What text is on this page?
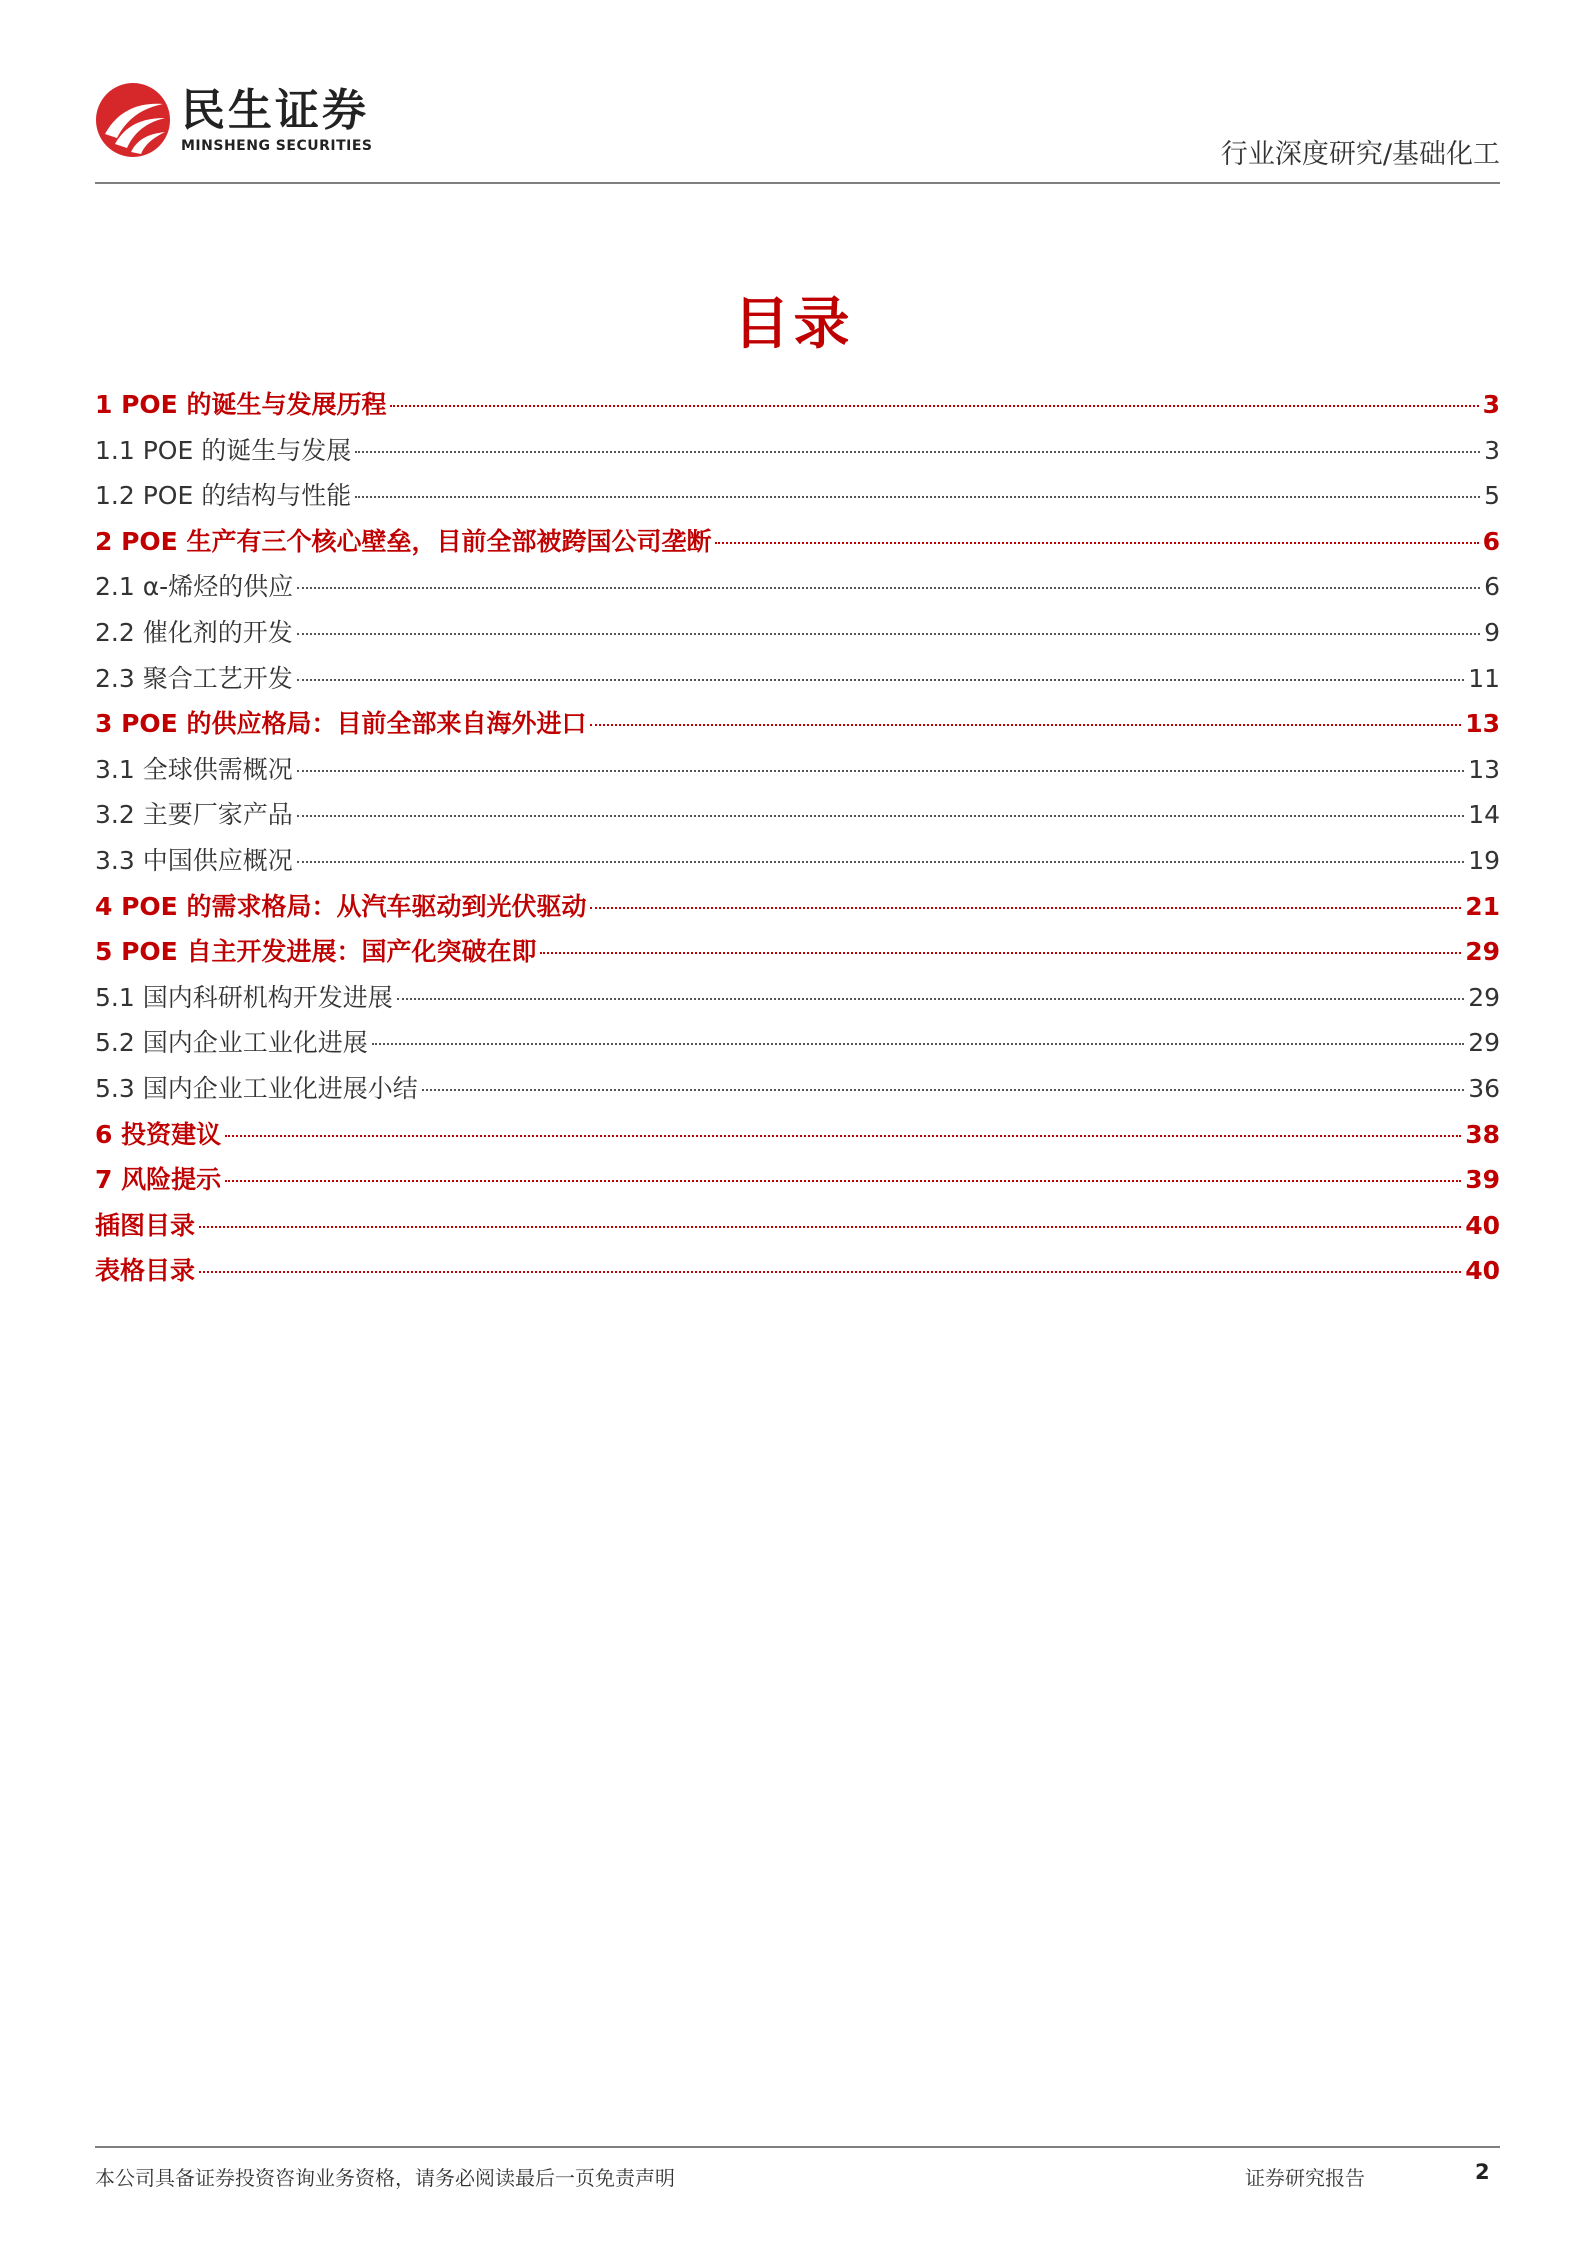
民生证券
MINSHENG SECURITIES	行业深度研究/基础化工
目录
1 POE 的诞生与发展历程	3
1.1 POE 的诞生与发展	3
1.2 POE 的结构与性能	5
2 POE 生产有三个核心壁垒，目前全部被跨国公司垄断	6
2.1 α-烯烃的供应	6
2.2 催化剂的开发	9
2.3 聚合工艺开发	11
3 POE 的供应格局：目前全部来自海外进口	13
3.1 全球供需概况	13
3.2 主要厂家产品	14
3.3 中国供应概况	19
4 POE 的需求格局：从汽车驱动到光伏驱动	21
5 POE 自主开发进展：国产化突破在即	29
5.1 国内科研机构开发进展	29
5.2 国内企业工业化进展	29
5.3 国内企业工业化进展小结	36
6 投资建议	38
7 风险提示	39
插图目录	40
表格目录	40
本公司具备证券投资咨询业务资格，请务必阅读最后一页免责声明	证券研究报告	2
